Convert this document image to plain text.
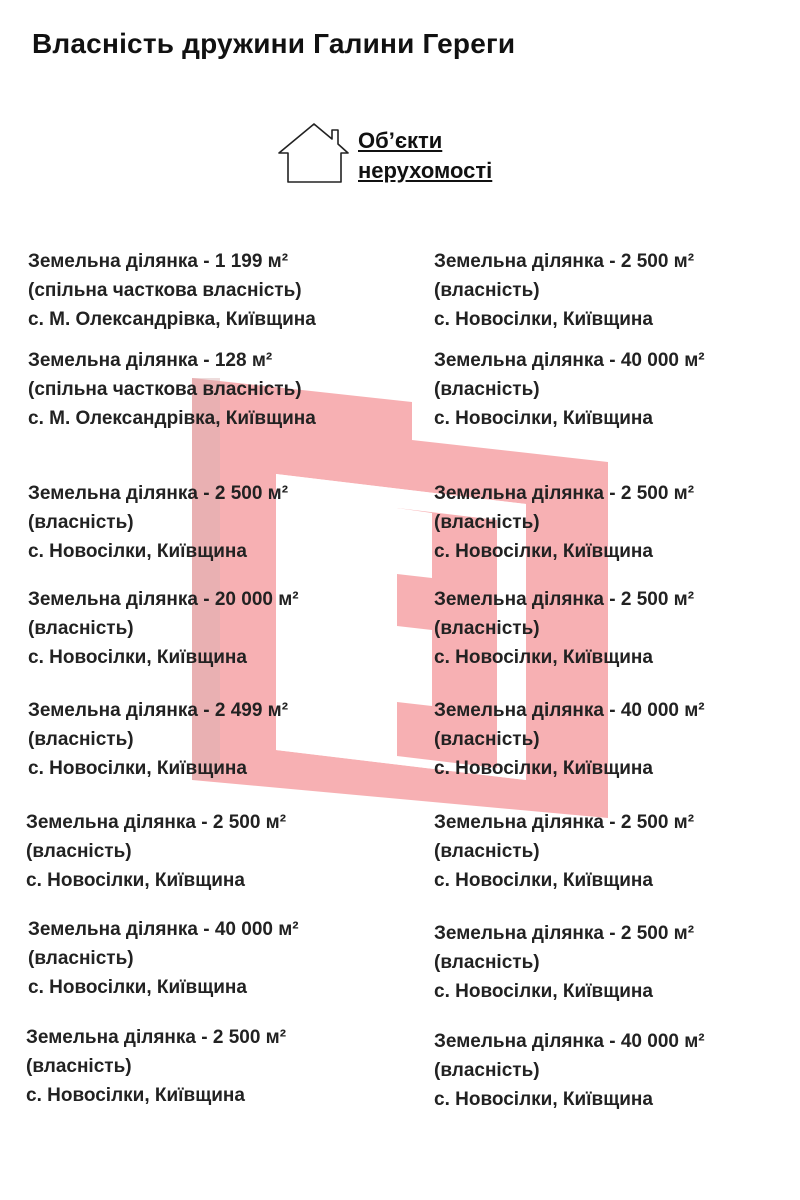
Власність дружини Галини Гереги
Об’єкти нерухомості
Земельна ділянка - 1 199 м²
(спільна часткова власність)
с. М. Олександрівка, Київщина
Земельна ділянка - 2 500 м²
(власність)
с. Новосілки, Київщина
Земельна ділянка - 128 м²
(спільна часткова власність)
с. М. Олександрівка, Київщина
Земельна ділянка - 40 000 м²
(власність)
с. Новосілки, Київщина
Земельна ділянка - 2 500 м²
(власність)
с. Новосілки, Київщина
Земельна ділянка - 2 500 м²
(власність)
с. Новосілки, Київщина
Земельна ділянка - 20 000 м²
(власність)
с. Новосілки, Київщина
Земельна ділянка - 2 500 м²
(власність)
с. Новосілки, Київщина
Земельна ділянка - 2 499 м²
(власність)
с. Новосілки, Київщина
Земельна ділянка - 40 000 м²
(власність)
с. Новосілки, Київщина
Земельна ділянка - 2 500 м²
(власність)
с. Новосілки, Київщина
Земельна ділянка - 2 500 м²
(власність)
с. Новосілки, Київщина
Земельна ділянка - 40 000 м²
(власність)
с. Новосілки, Київщина
Земельна ділянка - 2 500 м²
(власність)
с. Новосілки, Київщина
Земельна ділянка - 2 500 м²
(власність)
с. Новосілки, Київщина
Земельна ділянка - 40 000 м²
(власність)
с. Новосілки, Київщина
